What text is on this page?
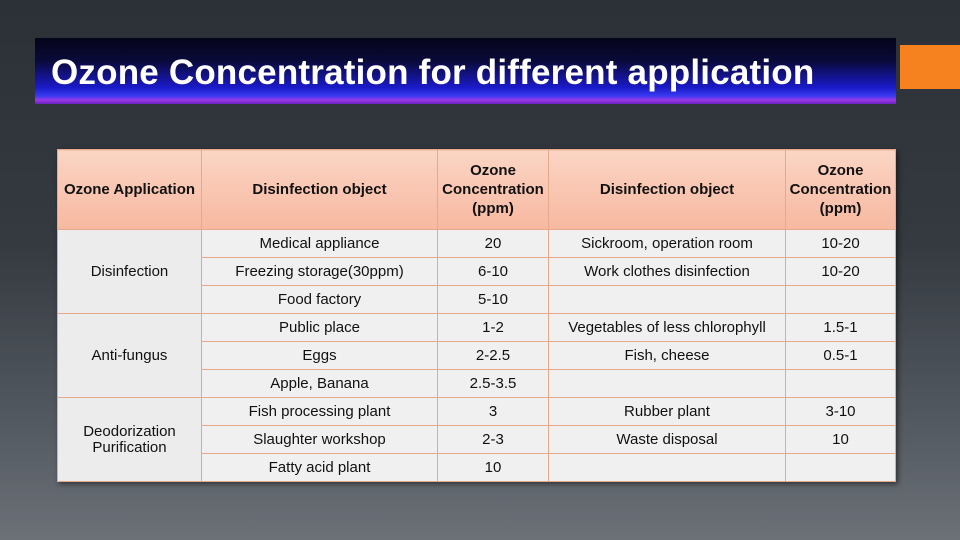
Ozone Concentration for different application
Ozone Application	Disinfection object	Ozone
Concentration
(ppm)	Disinfection object	Ozone
Concentration
(ppm)
Disinfection	Medical appliance	20	Sickroom, operation room	10-20
	Freezing storage(30ppm)	6-10	Work clothes disinfection	10-20
	Food factory	5-10		
Anti-fungus	Public place	1-2	Vegetables of less chlorophyll	1.5-1
	Eggs	2-2.5	Fish, cheese	0.5-1
	Apple, Banana	2.5-3.5		
Deodorization
Purification	Fish processing plant	3	Rubber plant	3-10
	Slaughter workshop	2-3	Waste disposal	10
	Fatty acid plant	10		
